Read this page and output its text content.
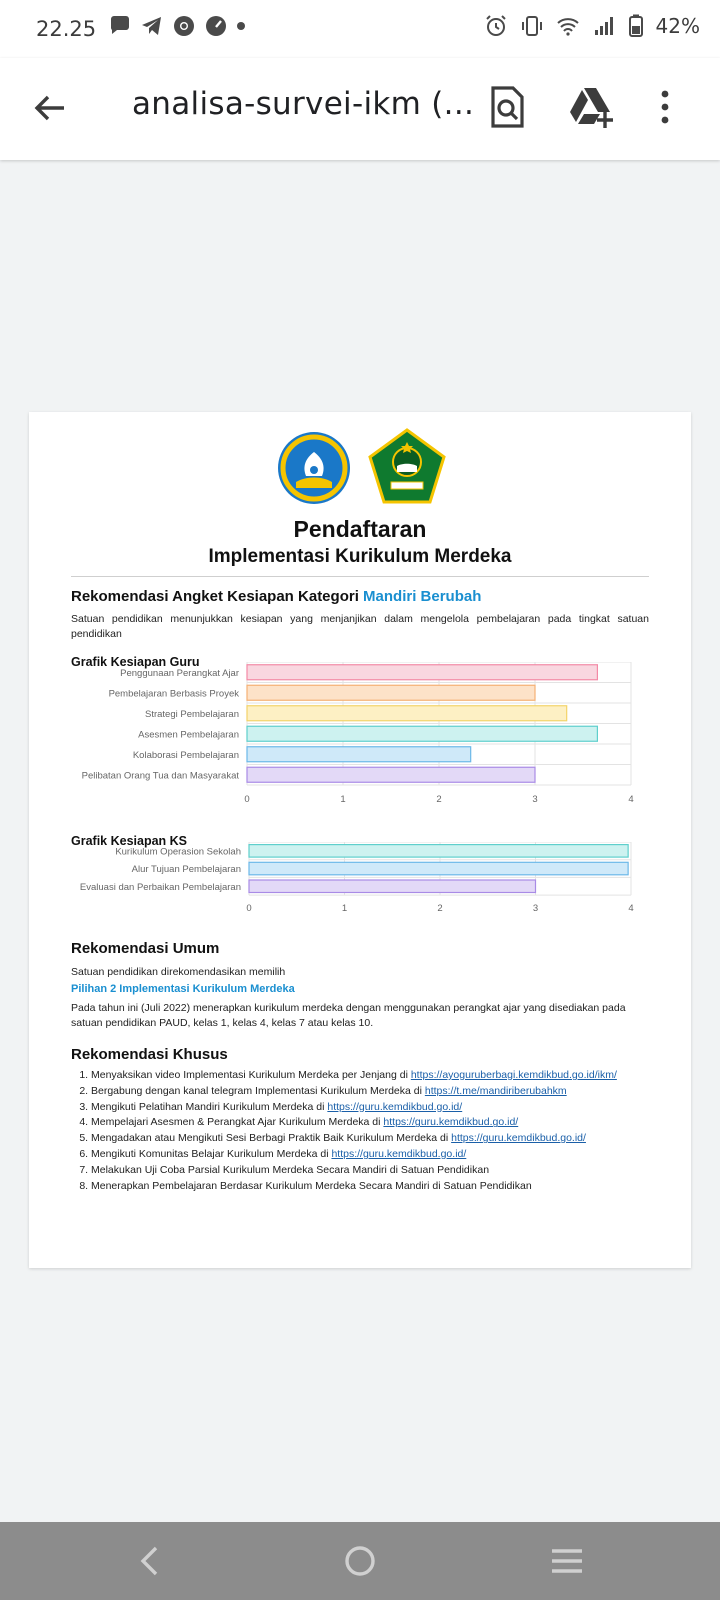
22.25	42%
analisa-survei-ikm (...
Pendaftaran
Implementasi Kurikulum Merdeka
Rekomendasi Angket Kesiapan Kategori Mandiri Berubah
Satuan pendidikan menunjukkan kesiapan yang menjanjikan dalam mengelola pembelajaran pada tingkat satuan pendidikan
Grafik Kesiapan Guru
Penggunaan Perangkat Ajar
Pembelajaran Berbasis Proyek
Strategi Pembelajaran
Asesmen Pembelajaran
Kolaborasi Pembelajaran
Pelibatan Orang Tua dan Masyarakat
0	1	2	3	4
Grafik Kesiapan KS
Kurikulum Operasion Sekolah
Alur Tujuan Pembelajaran
Evaluasi dan Perbaikan Pembelajaran
0	1	2	3	4
Rekomendasi Umum
Satuan pendidikan direkomendasikan memilih
Pilihan 2 Implementasi Kurikulum Merdeka
Pada tahun ini (Juli 2022) menerapkan kurikulum merdeka dengan menggunakan perangkat ajar yang disediakan pada satuan pendidikan PAUD, kelas 1, kelas 4, kelas 7 atau kelas 10.
Rekomendasi Khusus
1. Menyaksikan video Implementasi Kurikulum Merdeka per Jenjang di https://ayoguruberbagi.kemdikbud.go.id/ikm/
2. Bergabung dengan kanal telegram Implementasi Kurikulum Merdeka di https://t.me/mandiriberubahkm
3. Mengikuti Pelatihan Mandiri Kurikulum Merdeka di https://guru.kemdikbud.go.id/
4. Mempelajari Asesmen & Perangkat Ajar Kurikulum Merdeka di https://guru.kemdikbud.go.id/
5. Mengadakan atau Mengikuti Sesi Berbagi Praktik Baik Kurikulum Merdeka di https://guru.kemdikbud.go.id/
6. Mengikuti Komunitas Belajar Kurikulum Merdeka di https://guru.kemdikbud.go.id/
7. Melakukan Uji Coba Parsial Kurikulum Merdeka Secara Mandiri di Satuan Pendidikan
8. Menerapkan Pembelajaran Berdasar Kurikulum Merdeka Secara Mandiri di Satuan Pendidikan
